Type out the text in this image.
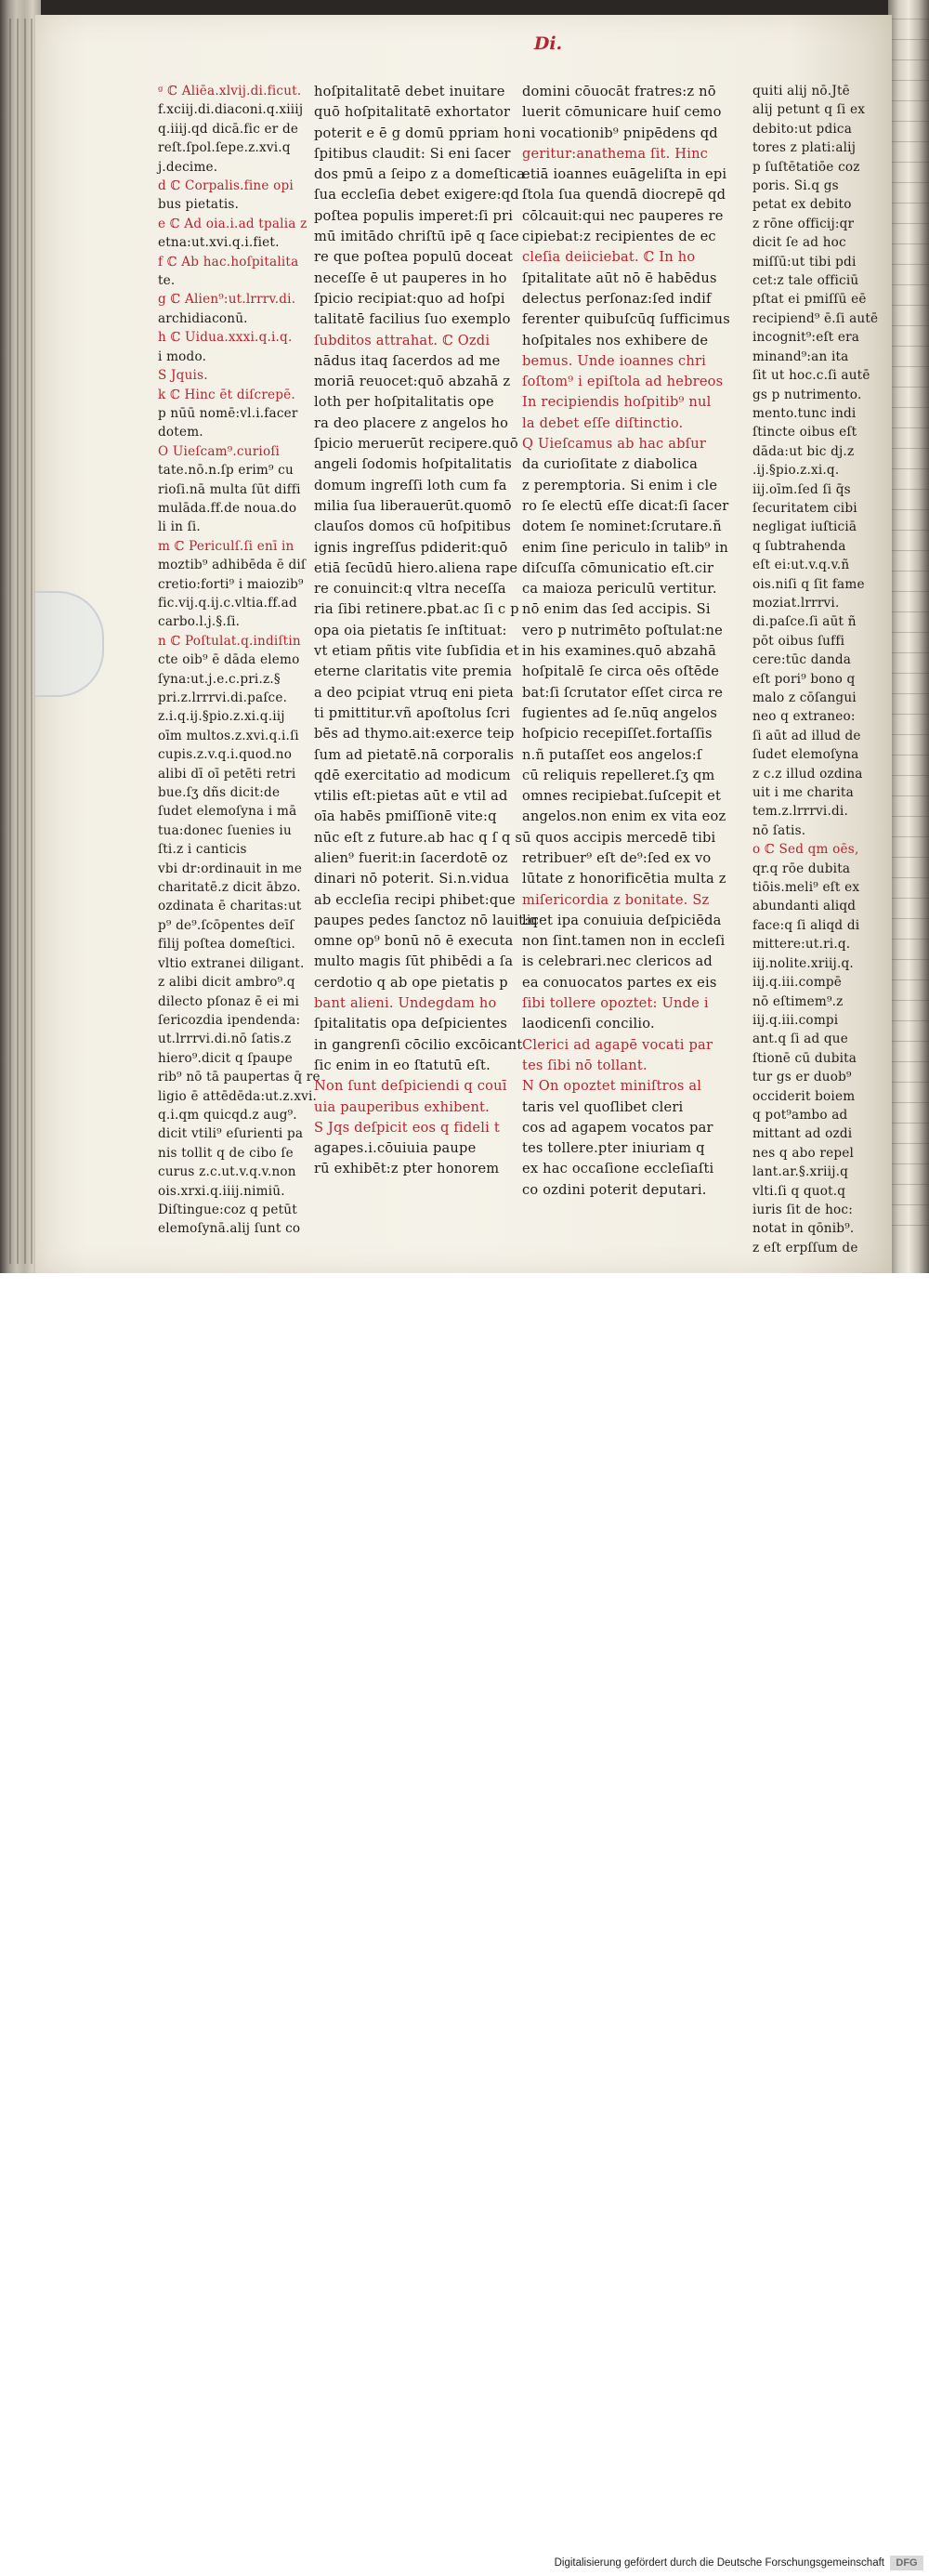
Di.
ᵍ ℂ Aliēa.xlvij.di.ficut.
f.xciij.di.diaconi.q.xiiij
q.iiij.qd dicā.fic er de
reſt.ſpol.ſepe.z.xvi.q
j.decime.
d ℂ Corpalis.fine opi
bus pietatis.
e ℂ Ad oia.i.ad tpalia z
etna:ut.xvi.q.i.fiet.
f ℂ Ab hac.hoſpitalita
te.
g ℂ Alien⁹:ut.lrrrv.di.
archidiaconū.
h ℂ Uidua.xxxi.q.i.q.
i modo.
S Jquis.
k ℂ Hinc ēt diſcrepē.
p nūū nomē:vl.i.facer
dotem.
O Uieſcam⁹.curioſi
tate.nō.n.ſp erim⁹ cu
rioſi.nā multa ſūt diffi
mulāda.ff.de noua.do
li in ſi.
m ℂ Periculſ.ſi enī in
moztib⁹ adhibēda ē diſ
cretio:forti⁹ i maiozib⁹
fic.vij.q.ij.c.vltia.ff.ad
carbo.l.j.§.ſi.
n ℂ Poſtulat.q.indiſtin
cte oib⁹ ē dāda elemo
ſyna:ut.j.e.c.pri.z.§
pri.z.lrrrvi.di.paſce.
z.i.q.ij.§pio.z.xi.q.iij
oīm multos.z.xvi.q.i.ſi
cupis.z.v.q.i.quod.no
alibi dī oī petēti retri
bue.ſʒ dñs dicit:de
ſudet elemoſyna i mā
tua:donec ſuenies iu
ſti.z i canticis
vbi dr:ordinauit in me
charitatē.z dicit ābzo.
ozdinata ē charitas:ut
p⁹ de⁹.ſcōpentes deīſ
filij poſtea domeſtici.
vltio extranei diligant.
z alibi dicit ambro⁹.q
dilecto pſonaz ē ei mi
ſericozdia ipendenda:
ut.lrrrvi.di.nō ſatis.z
hiero⁹.dicit q ſpaupe
rib⁹ nō tā paupertas q̄ re
ligio ē attēdēda:ut.z.xvi.
q.i.qm quicqd.z aug⁹.
dicit vtili⁹ eſurienti pa
nis tollit q de cibo ſe
curus z.c.ut.v.q.v.non
ois.xrxi.q.iiij.nimiū.
Diſtingue:coz q petūt
elemoſynā.alij ſunt co
hoſpitalitatē debet inuitare
quō hoſpitalitatē exhortator
poterit e ē g domū ppriam ho
ſpitibus claudit: Si eni ſacer
dos pmū a ſeipo z a domeſtica
ſua eccleſia debet exigere:qd
poſtea populis imperet:ſi pri
mū imitādo chriſtū ipē q ſace
re que poſtea populū doceat
neceſſe ē ut pauperes in ho
ſpicio recipiat:quo ad hoſpi
talitatē facilius ſuo exemplo
ſubditos attrahat. ℂ Ozdi
nādus itaq ſacerdos ad me
moriā reuocet:quō abzahā z
loth per hoſpitalitatis ope
ra deo placere z angelos ho
ſpicio meruerūt recipere.quō
angeli ſodomis hoſpitalitatis
domum ingreſſi loth cum fa
milia ſua liberauerūt.quomō
clauſos domos cū hoſpitibus
ignis ingreſſus pdiderit:quō
etiā ſecūdū hiero.aliena rape
re conuincit:q vltra neceſſa
ria ſibi retinere.pbat.ac ſi c p
opa oia pietatis ſe inſtituat:
vt etiam pñtis vite ſubſidia et
eterne claritatis vite premia
a deo pcipiat vtruq eni pieta
ti pmittitur.vñ apoſtolus ſcri
bēs ad thymo.ait:exerce teip
ſum ad pietatē.nā corporalis
qdē exercitatio ad modicum
vtilis eſt:pietas aūt e vtil ad
oīa habēs pmiſſionē vite:q
nūc eſt z future.ab hac q ſ q s
alien⁹ fuerit:in ſacerdotē oz
dinari nō poterit. Si.n.vidua
ab eccleſia recipi phibet:que
paupes pedes ſanctoz nō lauit:q
omne op⁹ bonū nō ē executa
multo magis ſūt phibēdi a ſa
cerdotio q ab ope pietatis p
bant alieni. Undegdam ho
ſpitalitatis opa deſpicientes
in gangrenſi cōcilio excōicant
ſic enim in eo ſtatutū eſt.
Non ſunt deſpiciendi q couī
uia pauperibus exhibent.
S Jqs deſpicit eos q fideli t
agapes.i.cōuiuia paupe
rū exhibēt:z pter honorem
domini cōuocāt fratres:z nō
luerit cōmunicare huiſ cemo
ni vocationib⁹ pnipēdens qd
geritur:anathema ſit. Hinc
etiā ioannes euāgeliſta in epi
ſtola ſua quendā diocrepē qd
cōlcauit:qui nec pauperes re
cipiebat:z recipientes de ec
cleſia deiiciebat. ℂ In ho
ſpitalitate aūt nō ē habēdus
delectus perſonaz:ſed indif
ferenter quibuſcūq ſufficimus
hoſpitales nos exhibere de
bemus. Unde ioannes chri
ſoſtom⁹ i epiſtola ad hebreos
In recipiendis hoſpitib⁹ nul
la debet eſſe diſtinctio.
Q Uieſcamus ab hac abſur
da curioſitate z diabolica
z peremptoria. Si enim i cle
ro ſe electū eſſe dicat:ſi ſacer
dotem ſe nominet:ſcrutare.ñ
enim ſine periculo in talib⁹ in
diſcuſſa cōmunicatio eſt.cir
ca maioza periculū vertitur.
nō enim das ſed accipis. Si
vero p nutrimēto poſtulat:ne
in his examines.quō abzahā
hoſpitalē ſe circa oēs oſtēde
bat:ſi ſcrutator eſſet circa re
fugientes ad ſe.nūq angelos
hoſpicio recepiſſet.fortaſſis
n.ñ putaſſet eos angelos:ſ
cū reliquis repelleret.ſʒ qm
omnes recipiebat.ſuſcepit et
angelos.non enim ex vita eoz
ū quos accipis mercedē tibi
retribuer⁹ eſt de⁹:ſed ex vo
lūtate z honorificētia multa z
miſericordia z bonitate. Sz
licet ipa conuiuia deſpiciēda
non ſint.tamen non in eccleſi
is celebrari.nec clericos ad
ea conuocatos partes ex eis
ſibi tollere opoztet: Unde i
laodicenſi concilio.
Clerici ad agapē vocati par
tes ſibi nō tollant.
N On opoztet miniſtros al
taris vel quoſlibet cleri
cos ad agapem vocatos par
tes tollere.pter iniuriam q
ex hac occaſione eccleſiaſti
co ozdini poterit deputari.
quiti alij nō.Jtē
alij petunt q ſi ex
debito:ut pdica
tores z plati:alij
p ſuſtētatiōe coz
poris. Si.q gs
petat ex debito
z rōne officij:qr
dicit ſe ad hoc
miſſū:ut tibi pdi
cet:z tale officiū
pſtat ei pmiſſū eē
recipiend⁹ ē.ſi autē
incognit⁹:eſt era
minand⁹:an ita
ſit ut hoc.c.ſi autē
gs p nutrimento.
mento.tunc indi
ſtincte oibus eſt
dāda:ut bic dj.z
.ij.§pio.z.xi.q.
iij.oīm.ſed ſi q̄s
ſecuritatem cibi
negligat iuſticiā
q ſubtrahenda
eſt ei:ut.v.q.v.ñ
ois.niſi q ſit fame
moziat.lrrrvi.
di.paſce.ſi aūt ñ
pōt oibus ſuffi
cere:tūc danda
eſt pori⁹ bono q
malo z cōſangui
neo q extraneo:
ſi aūt ad illud de
ſudet elemoſyna
z c.z illud ozdina
uit i me charita
tem.z.lrrrvi.di.
nō ſatis.
o ℂ Sed qm oēs,
qr.q rōe dubita
tiōis.meli⁹ eſt ex
abundanti aliqd
face:q ſi aliqd di
mittere:ut.ri.q.
iij.nolite.xriij.q.
iij.q.iii.compē
nō eſtimem⁹.z
iij.q.iii.compi
ant.q ſi ad que
ſtionē cū dubita
tur gs er duob⁹
occiderit boiem
q pot⁹ambo ad
mittant ad ozdi
nes q abo repel
lant.ar.§.xriij.q
vlti.ſi q quot.q
iuris ſit de hoc:
notat in qōnib⁹.
z eſt erpſſum de
Digitalisierung gefördert durch die Deutsche Forschungsgemeinschaft	DFG
